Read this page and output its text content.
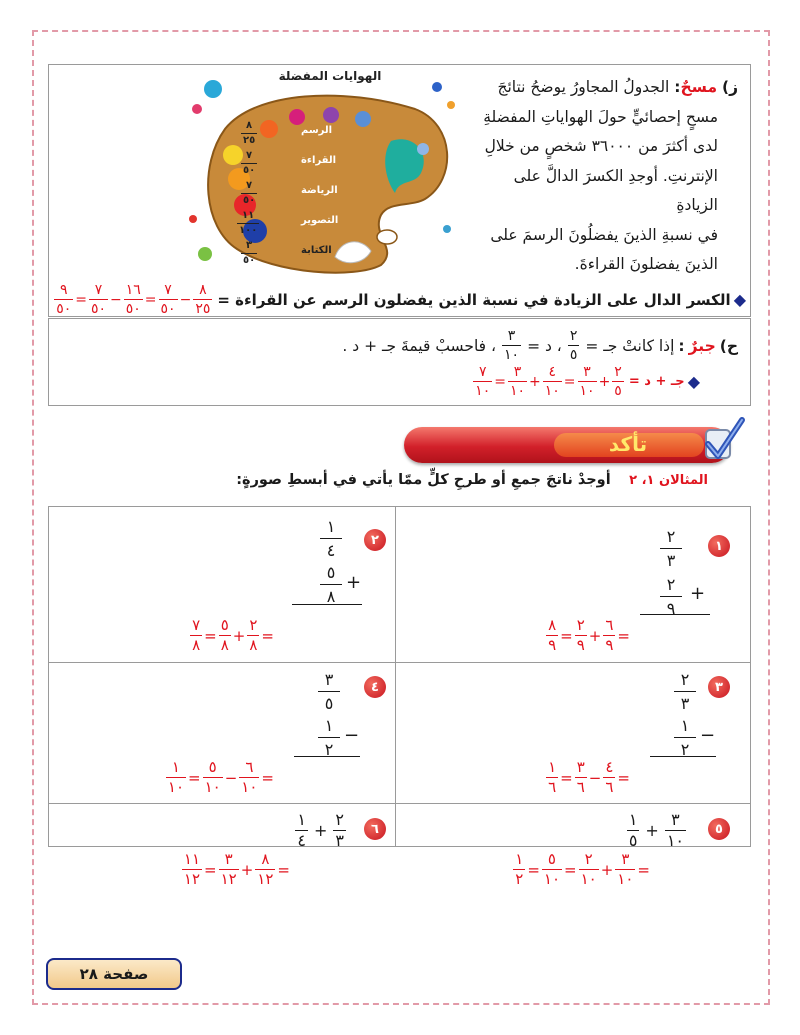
الهوايات المفضلة
الرسم
٨
٢٥
القراءة
٧
٥٠
الرياضة
٧
٥٠
التصوير
١١
١٠٠
الكتابة
٣
٥٠
ز) مسحٌ: الجدولُ المجاورُ يوضحُ نتائجَ
مسحٍ إحصائيٍّ حولَ الهواياتِ المفضلةِ
لدى أكثرَ من ٣٦٠٠٠ شخصٍ من خلالِ
الإنترنتِ. أوجدِ الكسرَ الدالَّ على الزيادةِ
في نسبةِ الذينَ يفضلُونَ الرسمَ على
الذينَ يفضلونَ القراءةَ.
◆
الكسر الدال على الزيادة في نسبة الذين يفضلون الرسم عن القراءة =
$\frac{٨}{٢٥}$
−
$\frac{٧}{٥٠}$
=
$\frac{١٦}{٥٠}$
−
$\frac{٧}{٥٠}$
=
$\frac{٩}{٥٠}$
ح)
جبرٌ
:
إذا كانتْ جـ =
$\frac{٢}{٥}$
، د =
$\frac{٣}{١٠}$
، فاحسبْ قيمةَ جـ + د .
◆
جـ + د =
$\frac{٢}{٥}$
+
$\frac{٣}{١٠}$
=
$\frac{٤}{١٠}$
+
$\frac{٣}{١٠}$
=
$\frac{٧}{١٠}$
تأكد
المثالان ١، ٢    أوجدْ ناتجَ جمعِ أو طرحِ كلٍّ ممّا يأتي في أبسطِ صورةٍ:
١
٢
٣
+
٢
٩
=
$\frac{٦}{٩}$
+
$\frac{٢}{٩}$
=
$\frac{٨}{٩}$
٢
١
٤
+
٥
٨
=
$\frac{٢}{٨}$
+
$\frac{٥}{٨}$
=
$\frac{٧}{٨}$
٣
٢
٣
−
١
٢
=
$\frac{٤}{٦}$
−
$\frac{٣}{٦}$
=
$\frac{١}{٦}$
٤
٣
٥
−
١
٢
=
$\frac{٦}{١٠}$
−
$\frac{٥}{١٠}$
=
$\frac{١}{١٠}$
٥
$\frac{٣}{١٠}$
+
$\frac{١}{٥}$
=
$\frac{٣}{١٠}$
+
$\frac{٢}{١٠}$
=
$\frac{٥}{١٠}$
=
$\frac{١}{٢}$
٦
$\frac{٢}{٣}$
+
$\frac{١}{٤}$
=
$\frac{٨}{١٢}$
+
$\frac{٣}{١٢}$
=
$\frac{١١}{١٢}$
صفحة ٢٨
